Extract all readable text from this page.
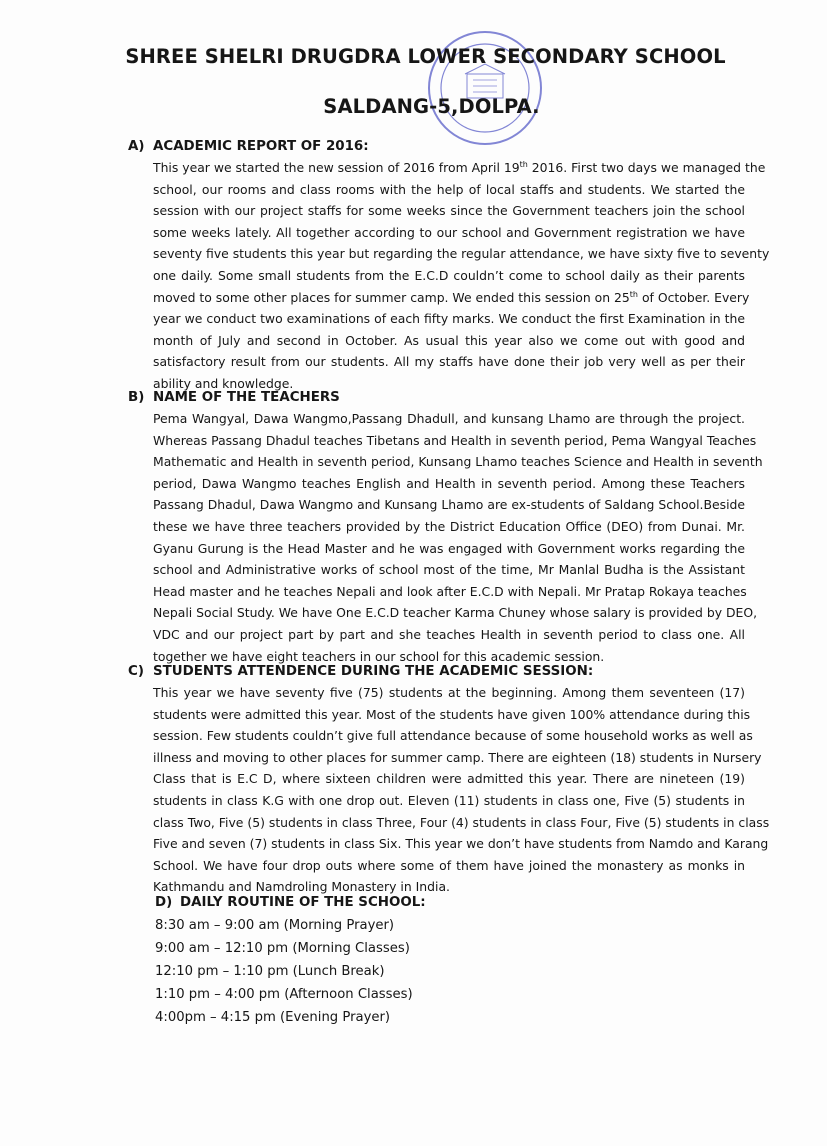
SHREE SHELRI DRUGDRA LOWER SECONDARY SCHOOL
SALDANG-5,DOLPA.
A) ACADEMIC REPORT OF 2016:
This year we started the new session of 2016 from April 19th 2016. First two days we managed the
school, our rooms and class rooms with the help of local staffs and students. We started the
session with our project staffs for some weeks since the Government teachers join the school
some weeks lately. All together according to our school and Government registration we have
seventy five students this year but regarding the regular attendance, we have sixty five to seventy
one daily. Some small students from the E.C.D couldn’t come to school daily as their parents
moved to some other places for summer camp. We ended this session on 25th of October. Every
year we conduct two examinations of each fifty marks. We conduct the first Examination in the
month of July and second in October. As usual this year also we come out with good and
satisfactory result from our students. All my staffs have done their job very well as per their
ability and knowledge.
B) NAME OF THE TEACHERS
Pema Wangyal, Dawa Wangmo,Passang Dhadull, and kunsang Lhamo are through the project.
Whereas Passang Dhadul teaches Tibetans and Health in seventh period, Pema Wangyal Teaches
Mathematic and Health in seventh period, Kunsang Lhamo teaches Science and Health in seventh
period, Dawa Wangmo teaches English and Health in seventh period. Among these Teachers
Passang Dhadul, Dawa Wangmo and Kunsang Lhamo are ex-students of Saldang School.Beside
these we have three teachers provided by the District Education Office (DEO) from Dunai. Mr.
Gyanu Gurung is the Head Master and he was engaged with Government works regarding the
school and Administrative works of school most of the time, Mr Manlal Budha is the Assistant
Head master and he teaches Nepali and look after E.C.D with Nepali. Mr Pratap Rokaya teaches
Nepali Social Study. We have One E.C.D teacher Karma Chuney whose salary is provided by DEO,
VDC and our project part by part and she teaches Health in seventh period to class one. All
together we have eight teachers in our school for this academic session.
C) STUDENTS ATTENDENCE DURING THE ACADEMIC SESSION:
This year we have seventy five (75) students at the beginning. Among them seventeen (17)
students were admitted this year. Most of the students have given 100% attendance during this
session. Few students couldn’t give full attendance because of some household works as well as
illness and moving to other places for summer camp. There are eighteen (18) students in Nursery
Class that is E.C D, where sixteen children were admitted this year. There are nineteen (19)
students in class K.G with one drop out. Eleven (11) students in class one, Five (5) students in
class Two, Five (5) students in class Three, Four (4) students in class Four, Five (5) students in class
Five and seven (7) students in class Six. This year we don’t have students from Namdo and Karang
School. We have four drop outs where some of them have joined the monastery as monks in
Kathmandu and Namdroling Monastery in India.
D) DAILY ROUTINE OF THE SCHOOL:
8:30 am – 9:00 am (Morning Prayer)
9:00 am – 12:10 pm (Morning Classes)
12:10 pm – 1:10 pm (Lunch Break)
1:10 pm – 4:00 pm (Afternoon Classes)
4:00pm – 4:15 pm (Evening Prayer)
